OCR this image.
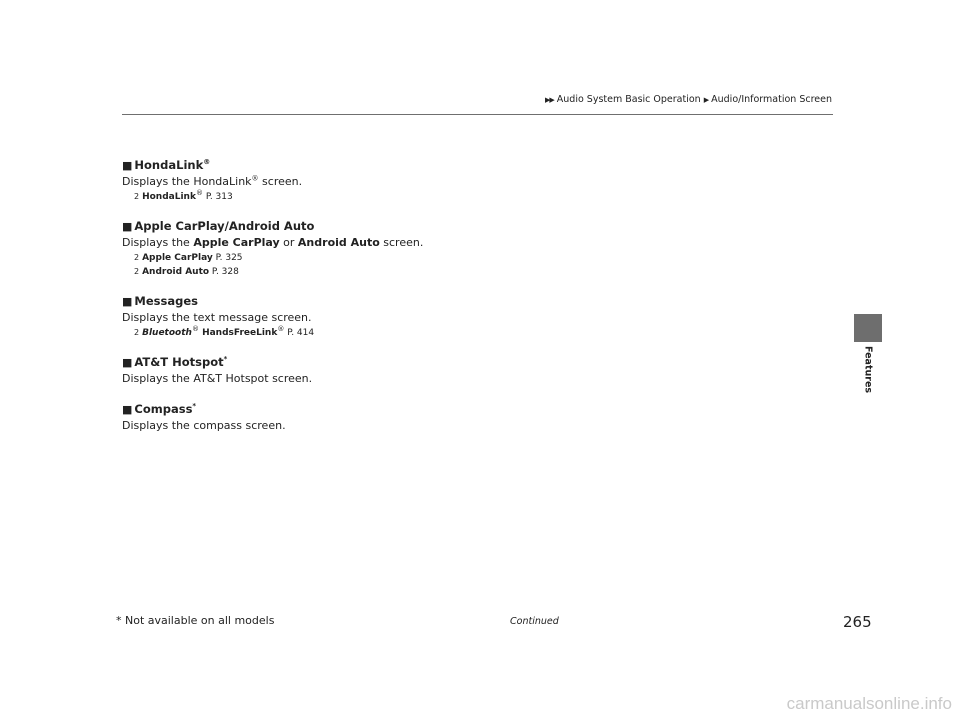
▶▶ Audio System Basic Operation ▶ Audio/Information Screen
Features
■ HondaLink®
Displays the HondaLink® screen.
2 HondaLink® P. 313
■ Apple CarPlay/Android Auto
Displays the Apple CarPlay or Android Auto screen.
2 Apple CarPlay P. 325
2 Android Auto P. 328
■ Messages
Displays the text message screen.
2 Bluetooth® HandsFreeLink® P. 414
■ AT&T Hotspot*
Displays the AT&T Hotspot screen.
■ Compass*
Displays the compass screen.
* Not available on all models	Continued	265
carmanualsonline.info
